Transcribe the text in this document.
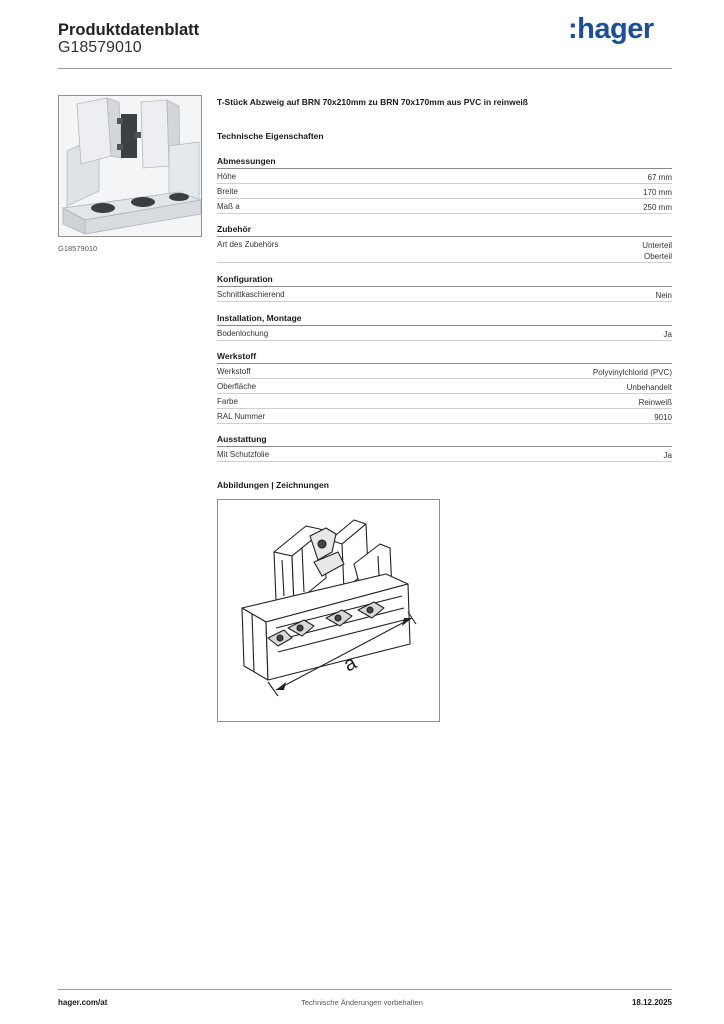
Produktdatenblatt
G18579010
:hager
G18579010
T-Stück Abzweig auf BRN 70x210mm zu BRN 70x170mm aus PVC in reinweiß
Technische Eigenschaften
Abmessungen
Höhe	67 mm
Breite	170 mm
Maß a	250 mm
Zubehör
Art des Zubehörs	Unterteil
Oberteil
Konfiguration
Schnittkaschierend	Nein
Installation, Montage
Bodenlochung	Ja
Werkstoff
Werkstoff	Polyvinylchlorid (PVC)
Oberfläche	Unbehandelt
Farbe	Reinweiß
RAL Nummer	9010
Ausstattung
Mit Schutzfolie	Ja
Abbildungen | Zeichnungen
a
hager.com/at	Technische Änderungen vorbehalten	18.12.2025
